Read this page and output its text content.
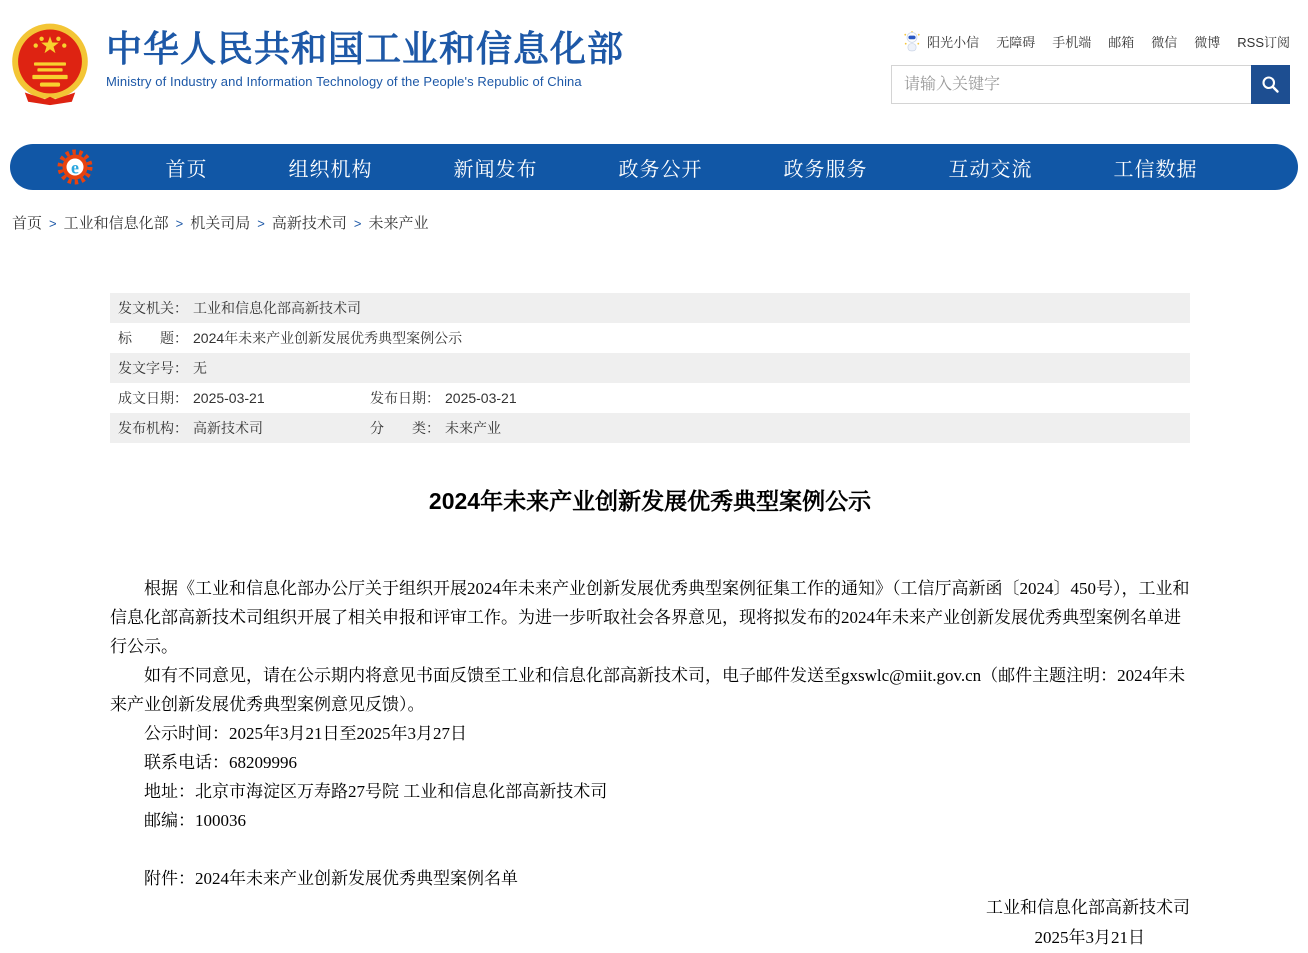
中华人民共和国工业和信息化部
Ministry of Industry and Information Technology of the People's Republic of China
阳光小信 无障碍 手机端 邮箱 微信 微博 RSS订阅
请输入关键字
e	首页	组织机构	新闻发布	政务公开	政务服务	互动交流	工信数据
首页 > 工业和信息化部 > 机关司局 > 高新技术司 > 未来产业
发文机关： 工业和信息化部高新技术司
标　　题： 2024年未来产业创新发展优秀典型案例公示
发文字号： 无
成文日期： 2025-03-21	发布日期： 2025-03-21
发布机构： 高新技术司	分　　类： 未来产业
2024年未来产业创新发展优秀典型案例公示

根据《工业和信息化部办公厅关于组织开展2024年未来产业创新发展优秀典型案例征集工作的通知》（工信厅高新函〔2024〕450号），工业和信息化部高新技术司组织开展了相关申报和评审工作。为进一步听取社会各界意见，现将拟发布的2024年未来产业创新发展优秀典型案例名单进行公示。

如有不同意见，请在公示期内将意见书面反馈至工业和信息化部高新技术司，电子邮件发送至gxswlc@miit.gov.cn（邮件主题注明：2024年未来产业创新发展优秀典型案例意见反馈）。

公示时间：2025年3月21日至2025年3月27日

联系电话：68209996

地址：北京市海淀区万寿路27号院 工业和信息化部高新技术司

邮编：100036

附件：2024年未来产业创新发展优秀典型案例名单

工业和信息化部高新技术司

2025年3月21日
